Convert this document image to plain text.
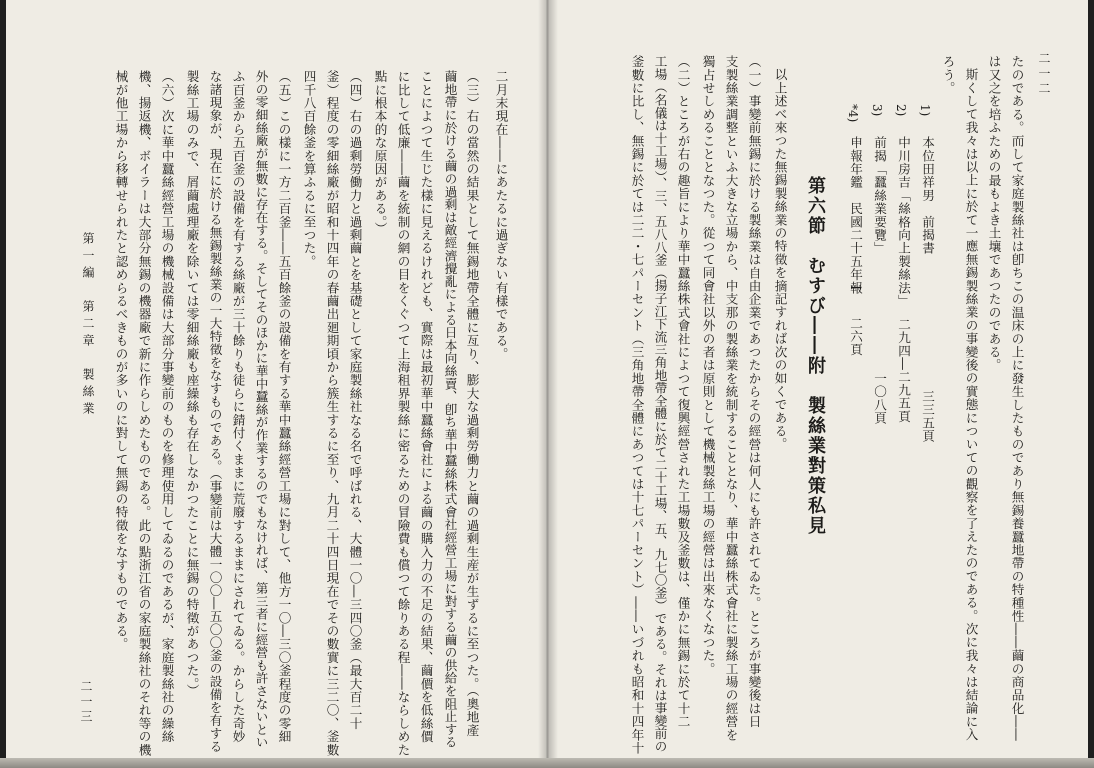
二月末現在――にあたるに過ぎない有樣である。
（三）右の當然の結果として無錫地帶全體に亙り、膨大な過剩勞働力と繭の過剩生産が生ずるに至つた。（奧地產
繭地帶に於ける繭の過剩は敵經濟攪亂による日本向絲賣、卽ち華中蠶絲株式會社經營工場に對する繭の供給を阻止する
ことによつて生じた樣に見えるけれども、實際は最初華中蠶絲會社による繭の購入力の不足の結果、繭價を低絲價
に比して低廉――繭を統制の網の目をくぐつて上海租界製絲に密るための冒險費も償つて餘りある程――ならしめた
點に根本的な原因がある。）
（四）右の過剩勞働力と過剩繭とを基礎として家庭製絲社なる名で呼ばれる、大體一〇―三四〇釜（最大百二十
釜）程度の零細絲廠が昭和十四年の春繭出廻期頃から簇生するに至り、九月二十四日現在でその數實に三二〇、釜數
四千八百餘釜を算ふるに至つた。
（五）この樣に一方二百釜――五百餘釜の設備を有する華中蠶絲經營工場に對して、他方一〇―三〇釜程度の零細
外の零細絲廠が無數に存在する。そしてそのほかに華中蠶絲が作業するのでもなければ、第三者に經營も許さないとい
ふ百釜から五百釜の設備を有する絲廠が三十餘りも徒らに錆付くままに荒廢するままにされてゐる。からした奇妙
な諸現象が、現在に於ける無錫製絲業の一大特徵をなすものである。（事變前は大體一〇〇―五〇〇釜の設備を有する
製絲工場のみで、屑繭處理廠を除いては零細絲廠も座繰絲も存在しなかつたことに無錫の特徵があつた。）
（六）次に華中蠶絲經營工場の機械設備は大部分事變前のものを修理使用してゐるのであるが、家庭製絲社の繰絲
機、揚返機、ボイラーは大部分無錫の機器廠で新に作らしめたものである。此の點浙江省の家庭製絲社のそれ等の機
械が他工場から移轉せられたと認めらるべきものが多いのに對して無錫の特徵をなすものである。
第一編　第二章　製絲業
二一三
二一二
たのである。而して家庭製絲社は卽ちこの温床の上に發生したものであり無錫養蠶地帶の特種性――繭の商品化――
は又之を培ふための最もよき土壤であつたのである。
斯くして我々は以上に於て一應無錫製絲業の事變後の實態についての觀察を了えたのである。次に我々は結論に入
ろう。
1)
本位田祥男　前揭書
三三五頁
2)
中川房吉「絲格向上製絲法」
二九四―二九五頁
3)
前揭「蠶絲業要覽」
一〇八頁
*4)
申報年鑑　民國二十五年報
I　　二六頁
第六節　むすび――附　製絲業對策私見
以上述べ來つた無錫製絲業の特徵を摘記すれば次の如くである。
（一）事變前無錫に於ける製絲業は自由企業であつたからその經營は何人にも許されてゐた。ところが事變後は日
支製絲業調整といふ大きな立場から、中支那の製絲業を統制することとなり、華中蠶絲株式會社に製絲工場の經營を
獨占せしめることとなつた。從つて同會社以外の者は原則として機械製絲工場の經營は出來なくなつた。
（二）ところが右の趣旨により華中蠶絲株式會社によつて復興經營された工場數及釜數は、僅かに無錫に於て十二
工場（名儀は十工場）、三、五八八釜（揚子江下流三角地帶全體に於て二十工場、五、九七〇釜）である。それは事變前の
釜數に比し、無錫に於ては二二・七パーセント（三角地帶全體にあつては十七パーセント）――いづれも昭和十四年十
